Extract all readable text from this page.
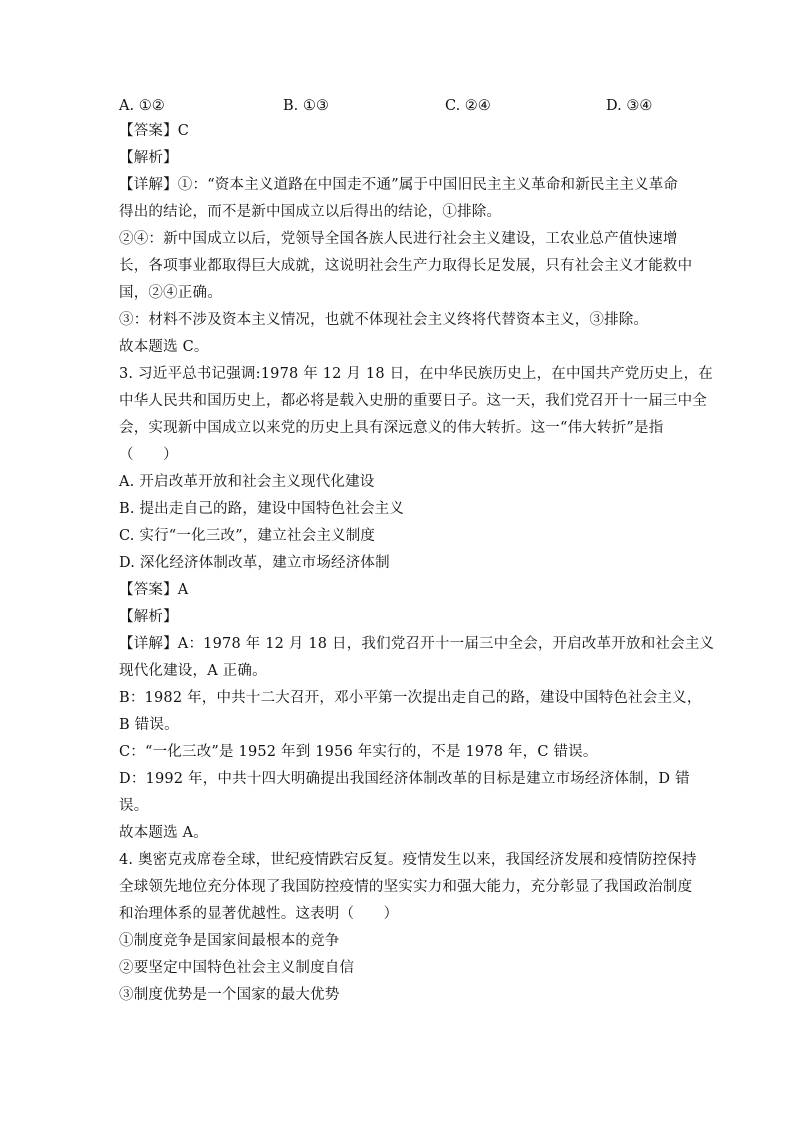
A. ①②	B. ①③	C. ②④	D. ③④
【答案】C
【解析】
【详解】①：“资本主义道路在中国走不通”属于中国旧民主主义革命和新民主主义革命
得出的结论，而不是新中国成立以后得出的结论，①排除。
②④：新中国成立以后，党领导全国各族人民进行社会主义建设，工农业总产值快速增
长，各项事业都取得巨大成就，这说明社会生产力取得长足发展，只有社会主义才能救中
国，②④正确。
③：材料不涉及资本主义情况，也就不体现社会主义终将代替资本主义，③排除。
故本题选 C。
3. 习近平总书记强调:1978 年 12 月 18 日，在中华民族历史上，在中国共产党历史上，在
中华人民共和国历史上，都必将是载入史册的重要日子。这一天，我们党召开十一届三中全
会，实现新中国成立以来党的历史上具有深远意义的伟大转折。这一“伟大转折”是指
（　　）
A. 开启改革开放和社会主义现代化建设
B. 提出走自己的路，建设中国特色社会主义
C. 实行“一化三改”，建立社会主义制度
D. 深化经济体制改革，建立市场经济体制
【答案】A
【解析】
【详解】A：1978 年 12 月 18 日，我们党召开十一届三中全会，开启改革开放和社会主义
现代化建设，A 正确。
B：1982 年，中共十二大召开，邓小平第一次提出走自己的路，建设中国特色社会主义，
B 错误。
C：“一化三改”是 1952 年到 1956 年实行的，不是 1978 年，C 错误。
D：1992 年，中共十四大明确提出我国经济体制改革的目标是建立市场经济体制，D 错
误。
故本题选 A。
4. 奥密克戎席卷全球，世纪疫情跌宕反复。疫情发生以来，我国经济发展和疫情防控保持
全球领先地位充分体现了我国防控疫情的坚实实力和强大能力，充分彰显了我国政治制度
和治理体系的显著优越性。这表明（　　）
①制度竞争是国家间最根本的竞争
②要坚定中国特色社会主义制度自信
③制度优势是一个国家的最大优势
